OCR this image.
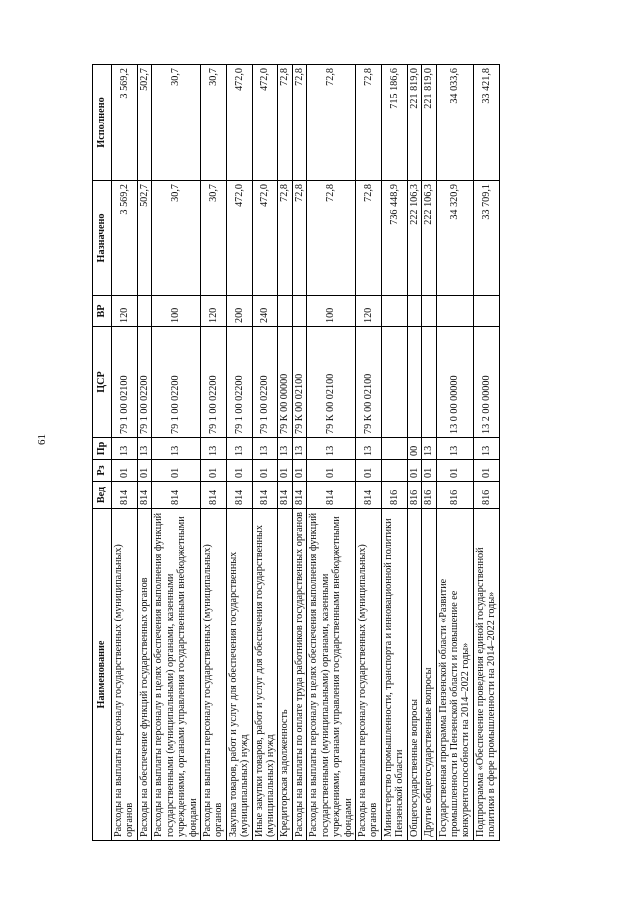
61
Наименование	Вед	Рз	Пр	ЦСР	ВР	Назначено	Исполнено
Расходы на выплаты персоналу государственных (муниципальных) органов	814	01	13	79 1 00 02100	120	3 569,2	3 569,2
Расходы на обеспечение функций государственных органов	814	01	13	79 1 00 02200		502,7	502,7
Расходы на выплаты персоналу в целях обеспечения выполнения функций государственными (муниципальными) органами, казенными учреждениями, органами управления государственными внебюджетными фондами	814	01	13	79 1 00 02200	100	30,7	30,7
Расходы на выплаты персоналу государственных (муниципальных) органов	814	01	13	79 1 00 02200	120	30,7	30,7
Закупка товаров, работ и услуг для обеспечения государственных (муниципальных) нужд	814	01	13	79 1 00 02200	200	472,0	472,0
Иные закупки товаров, работ и услуг для обеспечения государственных (муниципальных) нужд	814	01	13	79 1 00 02200	240	472,0	472,0
Кредиторская задолженность	814	01	13	79 К 00 00000		72,8	72,8
Расходы на выплаты по оплате труда работников государственных органов	814	01	13	79 К 00 02100		72,8	72,8
Расходы на выплаты персоналу в целях обеспечения выполнения функций государственными (муниципальными) органами, казенными учреждениями, органами управления государственными внебюджетными фондами	814	01	13	79 К 00 02100	100	72,8	72,8
Расходы на выплаты персоналу государственных (муниципальных) органов	814	01	13	79 К 00 02100	120	72,8	72,8
Министерство промышленности, транспорта и инновационной политики Пензенской области	816					736 448,9	715 186,6
Общегосударственные вопросы	816	01	00			222 106,3	221 819,0
Другие общегосударственные вопросы	816	01	13			222 106,3	221 819,0
Государственная программа Пензенской области «Развитие промышленности в Пензенской области и повышение ее конкурентоспособности на 2014–2022 годы»	816	01	13	13 0 00 00000		34 320,9	34 033,6
Подпрограмма «Обеспечение проведения единой государственной политики в сфере промышленности на 2014–2022 годы»	816	01	13	13 2 00 00000		33 709,1	33 421,8
